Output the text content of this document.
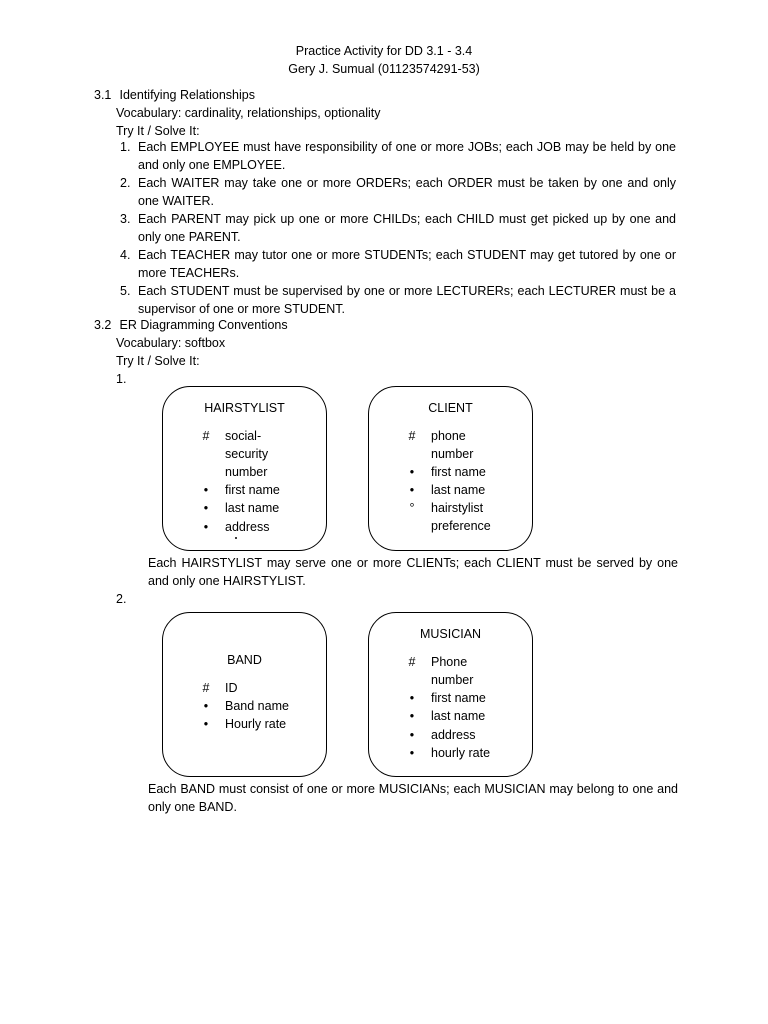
Practice Activity for DD 3.1 - 3.4
Gery J. Sumual (01123574291-53)
3.1 Identifying Relationships
Vocabulary: cardinality, relationships, optionality
Try It / Solve It:
1. Each EMPLOYEE must have responsibility of one or more JOBs; each JOB may be held by one and only one EMPLOYEE.
2. Each WAITER may take one or more ORDERs; each ORDER must be taken by one and only one WAITER.
3. Each PARENT may pick up one or more CHILDs; each CHILD must get picked up by one and only one PARENT.
4. Each TEACHER may tutor one or more STUDENTs; each STUDENT may get tutored by one or more TEACHERs.
5. Each STUDENT must be supervised by one or more LECTURERs; each LECTURER must be a supervisor of one or more STUDENT.
3.2 ER Diagramming Conventions
Vocabulary: softbox
Try It / Solve It:
1.
HAIRSTYLIST
# social-security number
•	first name
•	last name
•	address
CLIENT
# phone number
•	first name
•	last name
°	hairstylist preference
Each HAIRSTYLIST may serve one or more CLIENTs; each CLIENT must be served by one and only one HAIRSTYLIST.
2.
BAND
# ID
•	Band name
•	Hourly rate
MUSICIAN
# Phone number
•	first name
•	last name
•	address
•	hourly rate
Each BAND must consist of one or more MUSICIANs; each MUSICIAN may belong to one and only one BAND.
